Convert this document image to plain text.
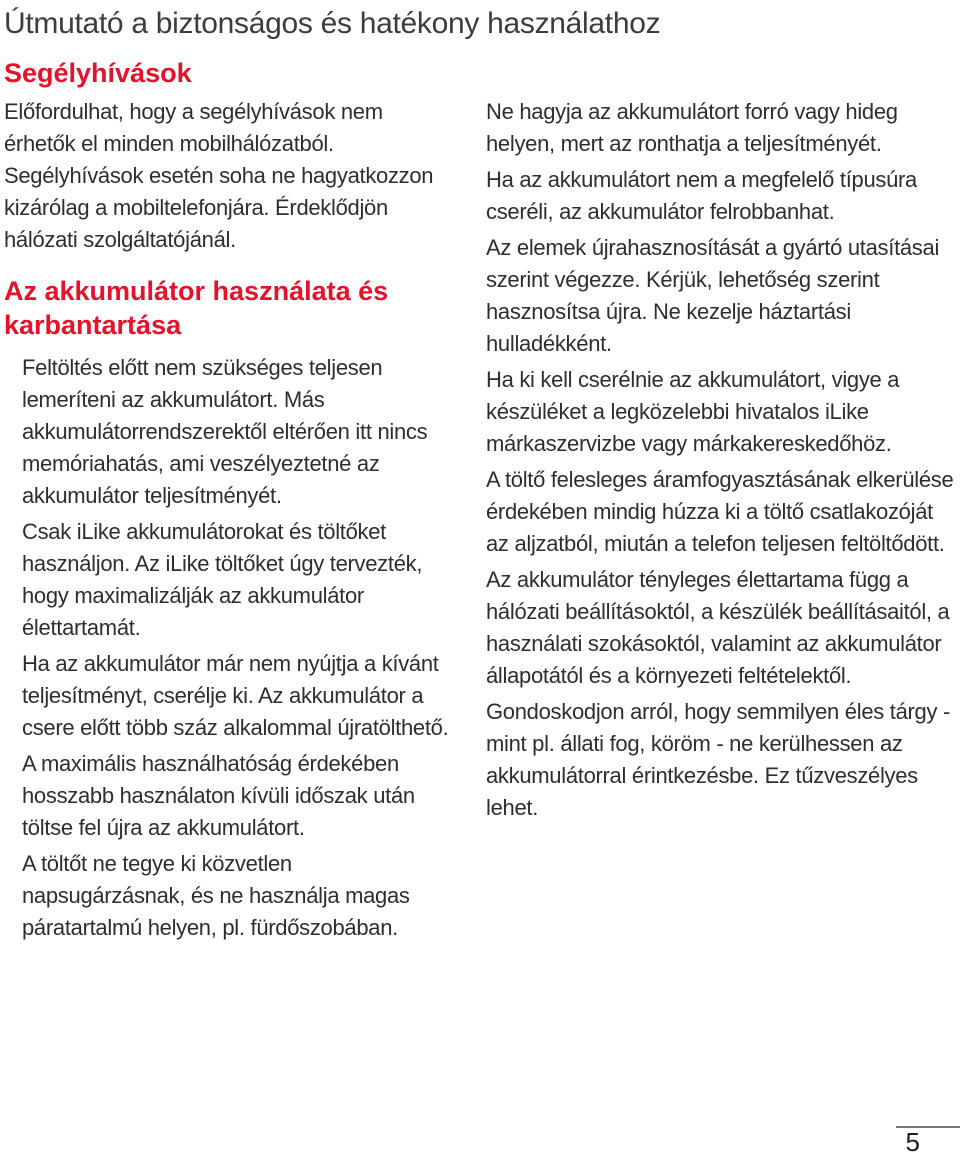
Útmutató a biztonságos és hatékony használathoz
Segélyhívások
Előfordulhat, hogy a segélyhívások nem érhetők el minden mobilhálózatból. Segélyhívások esetén soha ne hagyatkozzon kizárólag a mobiltelefonjára. Érdeklődjön hálózati szolgáltatójánál.
Az akkumulátor használata és karbantartása
Feltöltés előtt nem szükséges teljesen lemeríteni az akkumulátort. Más akkumulátorrendszerektől eltérően itt nincs memóriahatás, ami veszélyeztetné az akkumulátor teljesítményét.
Csak iLike akkumulátorokat és töltőket használjon. Az iLike töltőket úgy tervezték, hogy maximalizálják az akkumulátor élettartamát.
Ha az akkumulátor már nem nyújtja a kívánt teljesítményt, cserélje ki. Az akkumulátor a csere előtt több száz alkalommal újratölthető.
A maximális használhatóság érdekében hosszabb használaton kívüli időszak után töltse fel újra az akkumulátort.
A töltőt ne tegye ki közvetlen napsugárzásnak, és ne használja magas páratartalmú helyen, pl. fürdőszobában.
Ne hagyja az akkumulátort forró vagy hideg helyen, mert az ronthatja a teljesítményét.
Ha az akkumulátort nem a megfelelő típusúra cseréli, az akkumulátor felrobbanhat.
Az elemek újrahasznosítását a gyártó utasításai szerint végezze. Kérjük, lehetőség szerint hasznosítsa újra. Ne kezelje háztartási hulladékként.
Ha ki kell cserélnie az akkumulátort, vigye a készüléket a legközelebbi hivatalos iLike márkaszervizbe vagy márkakereskedőhöz.
A töltő felesleges áramfogyasztásának elkerülése érdekében mindig húzza ki a töltő csatlakozóját az aljzatból, miután a telefon teljesen feltöltődött.
Az akkumulátor tényleges élettartama függ a hálózati beállításoktól, a készülék beállításaitól, a használati szokásoktól, valamint az akkumulátor állapotától és a környezeti feltételektől.
Gondoskodjon arról, hogy semmilyen éles tárgy - mint pl. állati fog, köröm - ne kerülhessen az akkumulátorral érintkezésbe. Ez tűzveszélyes lehet.
5
